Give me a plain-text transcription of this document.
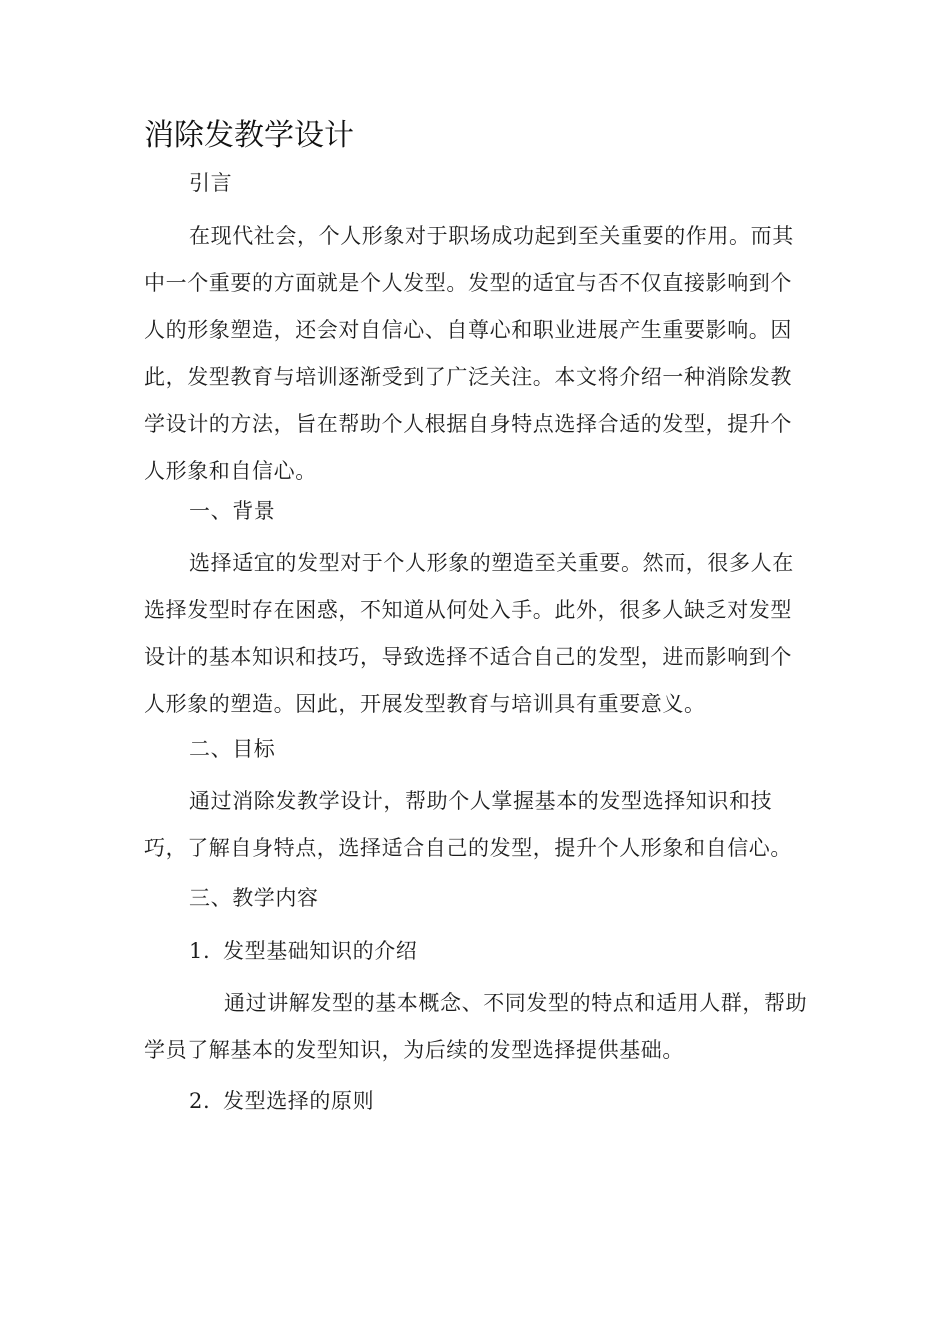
消除发教学设计
引言
在现代社会，个人形象对于职场成功起到至关重要的作用。而其中一个重要的方面就是个人发型。发型的适宜与否不仅直接影响到个人的形象塑造，还会对自信心、自尊心和职业进展产生重要影响。因此，发型教育与培训逐渐受到了广泛关注。本文将介绍一种消除发教学设计的方法，旨在帮助个人根据自身特点选择合适的发型，提升个人形象和自信心。
一、背景
选择适宜的发型对于个人形象的塑造至关重要。然而，很多人在选择发型时存在困惑，不知道从何处入手。此外，很多人缺乏对发型设计的基本知识和技巧，导致选择不适合自己的发型，进而影响到个人形象的塑造。因此，开展发型教育与培训具有重要意义。
二、目标
通过消除发教学设计，帮助个人掌握基本的发型选择知识和技巧，了解自身特点，选择适合自己的发型，提升个人形象和自信心。
三、教学内容
1. 发型基础知识的介绍
通过讲解发型的基本概念、不同发型的特点和适用人群，帮助学员了解基本的发型知识，为后续的发型选择提供基础。
2. 发型选择的原则
